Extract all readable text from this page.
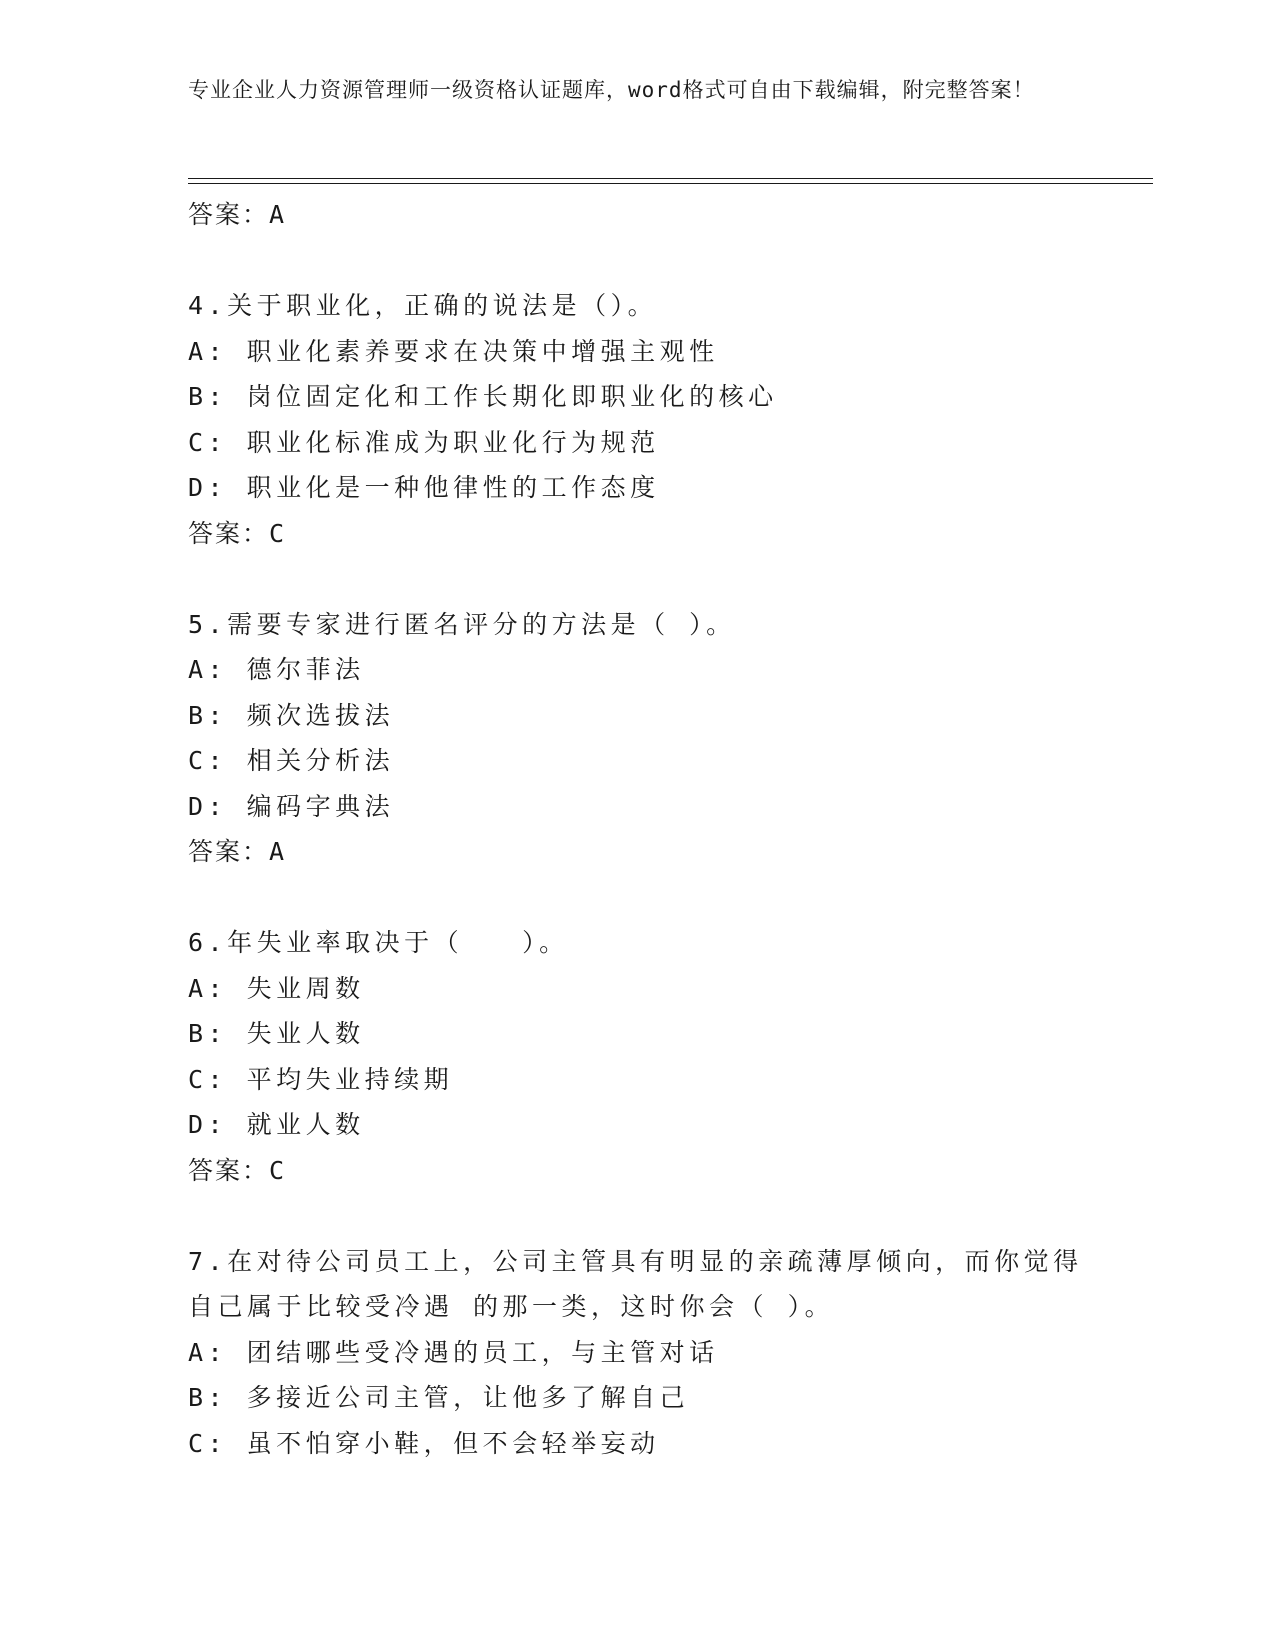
专业企业人力资源管理师一级资格认证题库，word格式可自由下载编辑，附完整答案！
答案：A
4.关于职业化，正确的说法是（）。
A: 职业化素养要求在决策中增强主观性
B: 岗位固定化和工作长期化即职业化的核心
C: 职业化标准成为职业化行为规范
D: 职业化是一种他律性的工作态度
答案：C
5.需要专家进行匿名评分的方法是（ ）。
A: 德尔菲法
B: 频次选拔法
C: 相关分析法
D: 编码字典法
答案：A
6.年失业率取决于（　　）。
A: 失业周数
B: 失业人数
C: 平均失业持续期
D: 就业人数
答案：C
7.在对待公司员工上，公司主管具有明显的亲疏薄厚倾向，而你觉得自己属于比较受冷遇 的那一类，这时你会（ ）。
A: 团结哪些受冷遇的员工，与主管对话
B: 多接近公司主管，让他多了解自己
C: 虽不怕穿小鞋，但不会轻举妄动
